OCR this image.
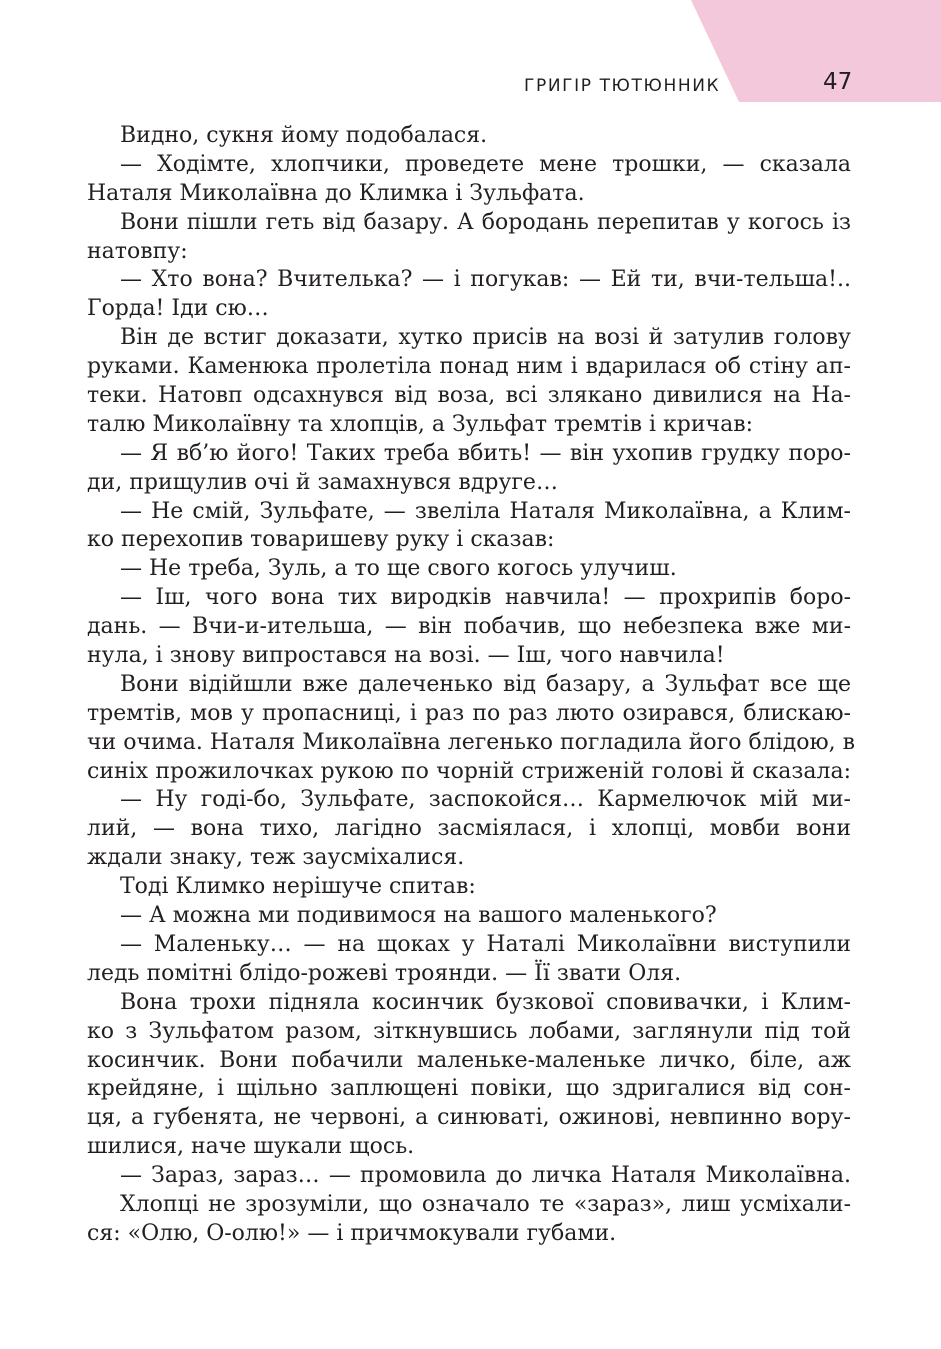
ГРИГІР ТЮТЮННИК	47
Видно, сукня йому подобалася.
— Ходімте, хлопчики, проведете мене трошки, — сказала
Наталя Миколаївна до Климка і Зульфата.
Вони пішли геть від базару. А бородань перепитав у когось із
натовпу:
— Хто вона? Вчителька? — і погукав: — Ей ти, вчи-тельша!..
Горда! Іди сю…
Він де встиг доказати, хутко присів на возі й затулив голову
руками. Каменюка пролетіла понад ним і вдарилася об стіну ап-
теки. Натовп одсахнувся від воза, всі злякано дивилися на На-
талю Миколаївну та хлопців, а Зульфат тремтів і кричав:
— Я вб’ю його! Таких треба вбить! — він ухопив грудку поро-
ди, прищулив очі й замахнувся вдруге…
— Не смій, Зульфате, — звеліла Наталя Миколаївна, а Клим-
ко перехопив товаришеву руку і сказав:
— Не треба, Зуль, а то ще свого когось улучиш.
— Іш, чого вона тих виродків навчила! — прохрипів боро-
дань. — Вчи-и-ительша, — він побачив, що небезпека вже ми-
нула, і знову випростався на возі. — Іш, чого навчила!
Вони відійшли вже далеченько від базару, а Зульфат все ще
тремтів, мов у пропасниці, і раз по раз люто озирався, блискаю-
чи очима. Наталя Миколаївна легенько погладила його блідою, в
синіх прожилочках рукою по чорній стриженій голові й сказала:
— Ну годі-бо, Зульфате, заспокойся… Кармелючок мій ми-
лий, — вона тихо, лагідно засміялася, і хлопці, мовби вони
ждали знаку, теж заусміхалися.
Тоді Климко нерішуче спитав:
— А можна ми подивимося на вашого маленького?
— Маленьку… — на щоках у Наталі Миколаївни виступили
ледь помітні блідо-рожеві троянди. — Її звати Оля.
Вона трохи підняла косинчик бузкової сповивачки, і Клим-
ко з Зульфатом разом, зіткнувшись лобами, заглянули під той
косинчик. Вони побачили маленьке-маленьке личко, біле, аж
крейдяне, і щільно заплющені повіки, що здригалися від сон-
ця, а губенята, не червоні, а синюваті, ожинові, невпинно вору-
шилися, наче шукали щось.
— Зараз, зараз… — промовила до личка Наталя Миколаївна.
Хлопці не зрозуміли, що означало те «зараз», лиш усміхали-
ся: «Олю, О-олю!» — і причмокували губами.
